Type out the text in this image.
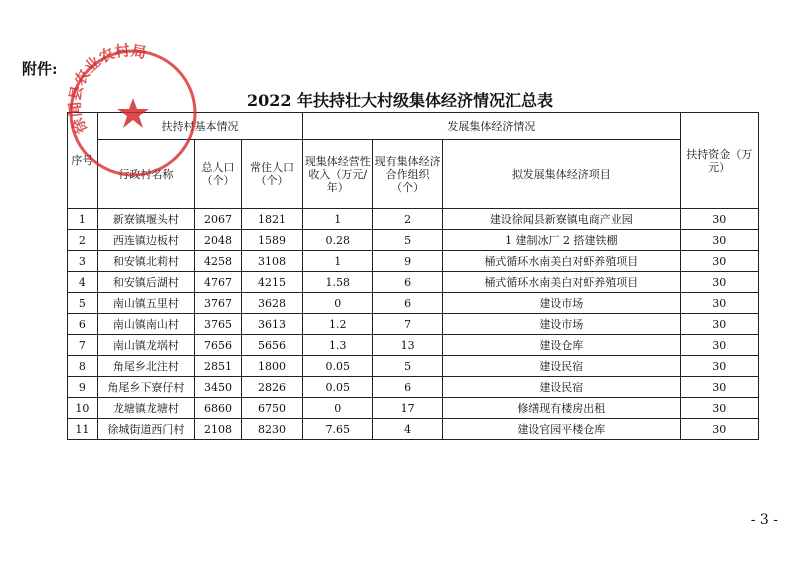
附件:
2022 年扶持壮大村级集体经济情况汇总表
序号	扶持村基本情况			发展集体经济情况			扶持资金（万元）
	行政村名称	总人口（个）	常住人口（个）	现集体经营性收入（万元/年）	现有集体经济合作组织（个）	拟发展集体经济项目	
1	新寮镇堰头村	2067	1821	1	2	建设徐闻县新寮镇电商产业园	30
2	西连镇边板村	2048	1589	0.28	5	1 建制冰厂 2 搭建铁棚	30
3	和安镇北莉村	4258	3108	1	9	桶式循环水南美白对虾养殖项目	30
4	和安镇后湖村	4767	4215	1.58	6	桶式循环水南美白对虾养殖项目	30
5	南山镇五里村	3767	3628	0	6	建设市场	30
6	南山镇南山村	3765	3613	1.2	7	建设市场	30
7	南山镇龙埚村	7656	5656	1.3	13	建设仓库	30
8	角尾乡北注村	2851	1800	0.05	5	建设民宿	30
9	角尾乡下寮仔村	3450	2826	0.05	6	建设民宿	30
10	龙塘镇龙塘村	6860	6750	0	17	修缮现有楼房出租	30
11	徐城街道西门村	2108	8230	7.65	4	建设官园平楼仓库	30
徐闻县农业农村局
- 3 -
